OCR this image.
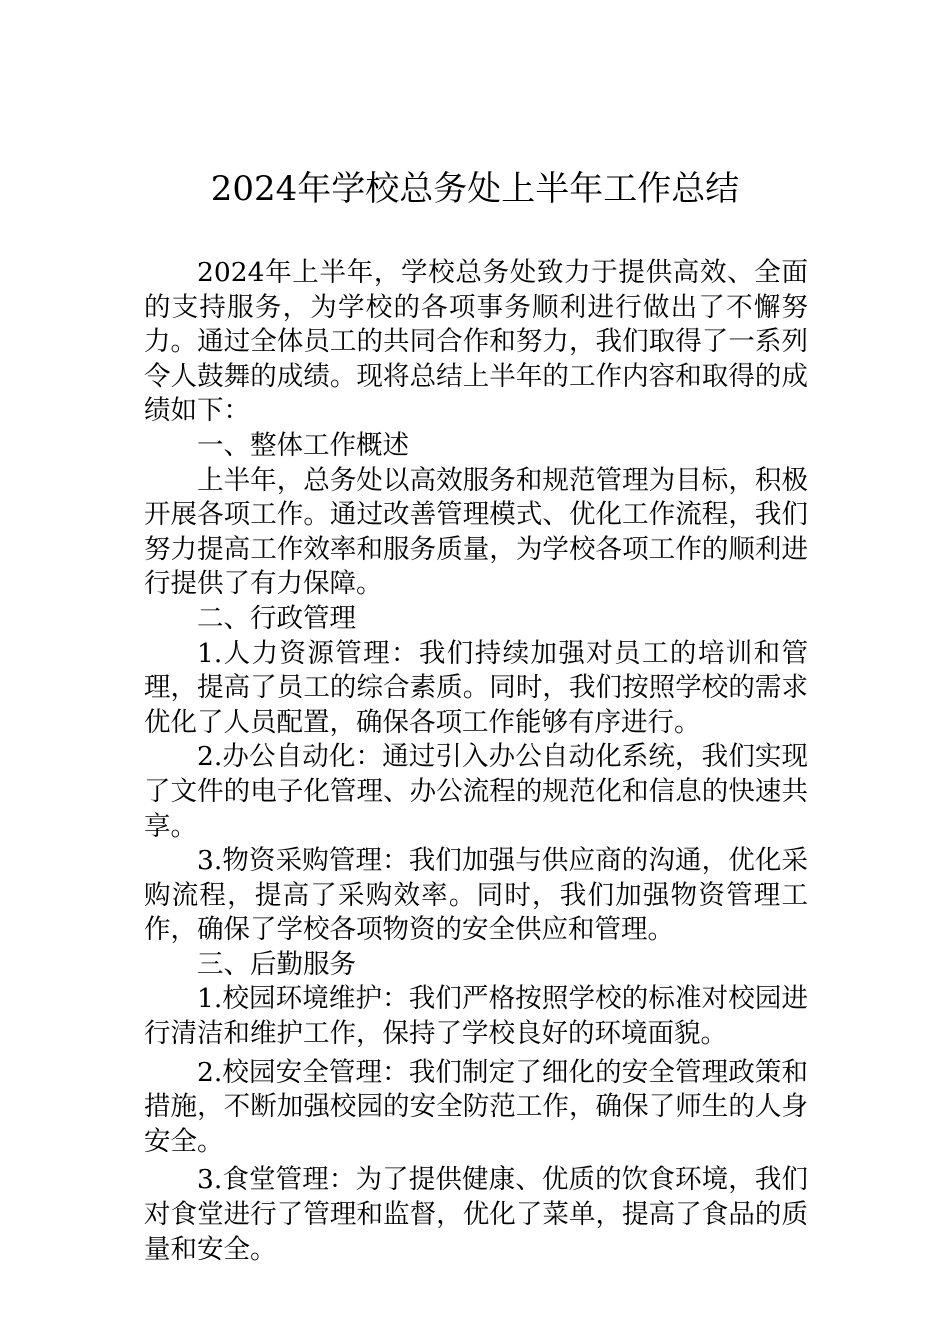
2024年学校总务处上半年工作总结

2024年上半年，学校总务处致力于提供高效、全面的支持服务，为学校的各项事务顺利进行做出了不懈努力。通过全体员工的共同合作和努力，我们取得了一系列令人鼓舞的成绩。现将总结上半年的工作内容和取得的成绩如下：

一、整体工作概述

上半年，总务处以高效服务和规范管理为目标，积极开展各项工作。通过改善管理模式、优化工作流程，我们努力提高工作效率和服务质量，为学校各项工作的顺利进行提供了有力保障。

二、行政管理

1.人力资源管理：我们持续加强对员工的培训和管理，提高了员工的综合素质。同时，我们按照学校的需求优化了人员配置，确保各项工作能够有序进行。

2.办公自动化：通过引入办公自动化系统，我们实现了文件的电子化管理、办公流程的规范化和信息的快速共享。

3.物资采购管理：我们加强与供应商的沟通，优化采购流程，提高了采购效率。同时，我们加强物资管理工作，确保了学校各项物资的安全供应和管理。

三、后勤服务

1.校园环境维护：我们严格按照学校的标准对校园进行清洁和维护工作，保持了学校良好的环境面貌。

2.校园安全管理：我们制定了细化的安全管理政策和措施，不断加强校园的安全防范工作，确保了师生的人身安全。

3.食堂管理：为了提供健康、优质的饮食环境，我们对食堂进行了管理和监督，优化了菜单，提高了食品的质量和安全。
